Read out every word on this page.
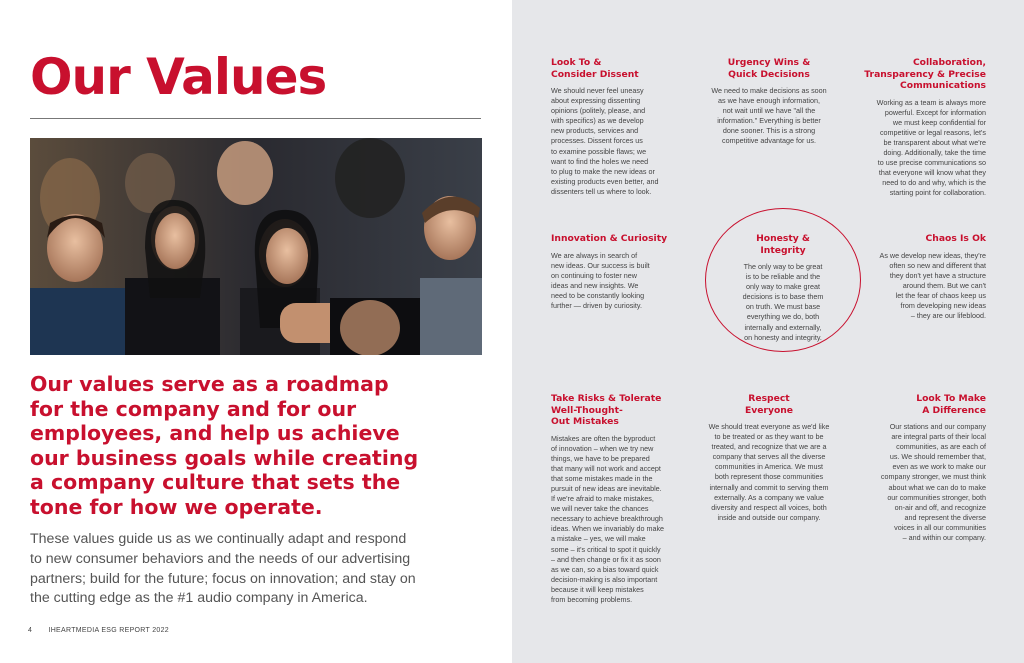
Our Values
Our values serve as a roadmap
for the company and for our
employees, and help us achieve
our business goals while creating
a company culture that sets the
tone for how we operate.
These values guide us as we continually adapt and respond
to new consumer behaviors and the needs of our advertising
partners; build for the future; focus on innovation; and stay on
the cutting edge as the #1 audio company in America.
4 IHEARTMEDIA ESG REPORT 2022
Look To &
Consider Dissent

We should never feel uneasy
about expressing dissenting
opinions (politely, please, and
with specifics) as we develop
new products, services and
processes. Dissent forces us
to examine possible flaws; we
want to find the holes we need
to plug to make the new ideas or
existing products even better, and
dissenters tell us where to look.

Urgency Wins &
Quick Decisions

We need to make decisions as soon
as we have enough information,
not wait until we have "all the
information." Everything is better
done sooner. This is a strong
competitive advantage for us.

Collaboration,
Transparency & Precise
Communications

Working as a team is always more
powerful. Except for information
we must keep confidential for
competitive or legal reasons, let's
be transparent about what we're
doing. Additionally, take the time
to use precise communications so
that everyone will know what they
need to do and why, which is the
starting point for collaboration.

Innovation & Curiosity

We are always in search of
new ideas. Our success is built
on continuing to foster new
ideas and new insights. We
need to be constantly looking
further — driven by curiosity.

Honesty &
Integrity

The only way to be great
is to be reliable and the
only way to make great
decisions is to base them
on truth. We must base
everything we do, both
internally and externally,
on honesty and integrity.

Chaos Is Ok

As we develop new ideas, they're
often so new and different that
they don't yet have a structure
around them. But we can't
let the fear of chaos keep us
from developing new ideas
– they are our lifeblood.

Take Risks & Tolerate
Well-Thought-
Out Mistakes

Mistakes are often the byproduct
of innovation – when we try new
things, we have to be prepared
that many will not work and accept
that some mistakes made in the
pursuit of new ideas are inevitable.
If we're afraid to make mistakes,
we will never take the chances
necessary to achieve breakthrough
ideas. When we invariably do make
a mistake – yes, we will make
some – it's critical to spot it quickly
– and then change or fix it as soon
as we can, so a bias toward quick
decision-making is also important
because it will keep mistakes
from becoming problems.

Respect
Everyone

We should treat everyone as we'd like
to be treated or as they want to be
treated, and recognize that we are a
company that serves all the diverse
communities in America. We must
both represent those communities
internally and commit to serving them
externally. As a company we value
diversity and respect all voices, both
inside and outside our company.

Look To Make
A Difference

Our stations and our company
are integral parts of their local
communities, as are each of
us. We should remember that,
even as we work to make our
company stronger, we must think
about what we can do to make
our communities stronger, both
on-air and off, and recognize
and represent the diverse
voices in all our communities
– and within our company.
